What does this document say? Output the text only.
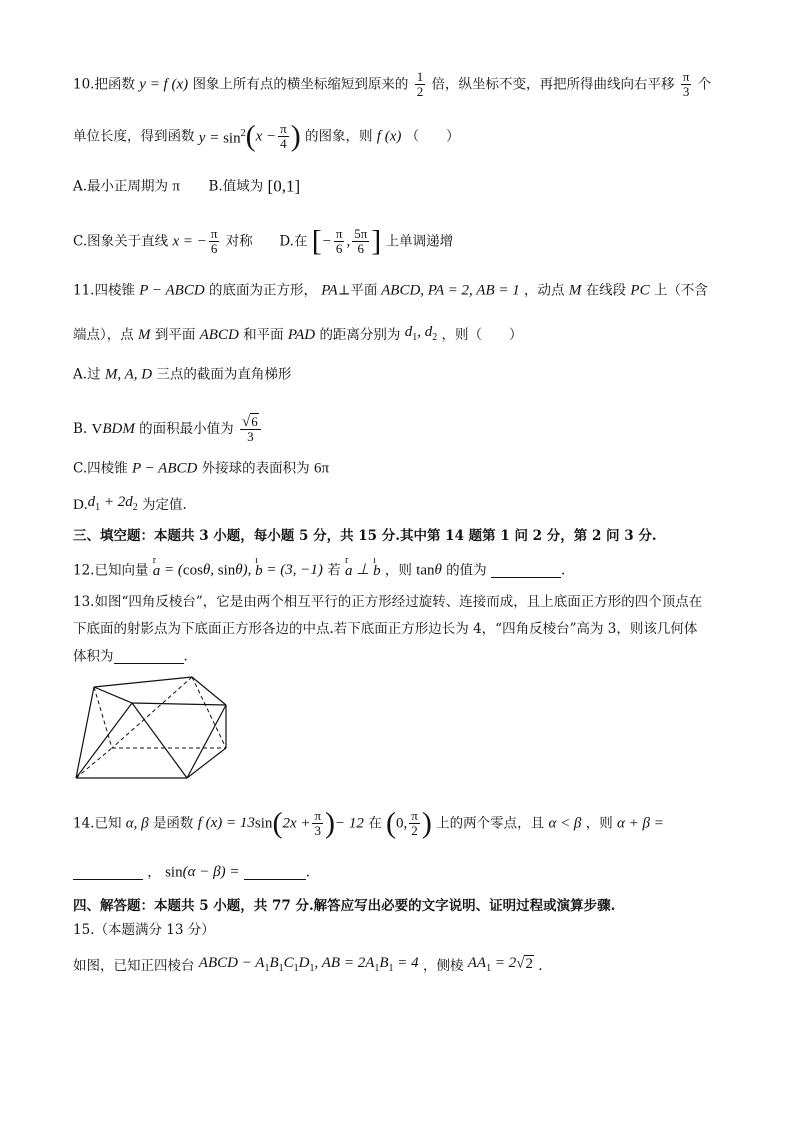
10.把函数 y = f (x) 图象上所有点的横坐标缩短到原来的 $\frac{1}{2}$ 倍，纵坐标不变，再把所得曲线向右平移 $\frac{\pi}{3}$ 个
单位长度，得到函数 $y = \sin^2(x - \frac{\pi}{4}$ ) 的图象，则 f (x) （　　）
A.最小正周期为 π B.值域为 [0,1]
C.图象关于直线 x = − $\frac{\pi}{6}$ 对称 D.在 [− $\frac{\pi}{6}$ , $\frac{5\pi}{6}$ ] 上单调递增
11.四棱锥 P − ABCD 的底面为正方形， PA⊥平面 ABCD, PA = 2, AB = 1 ，动点 M 在线段 PC 上（不含
端点），点 M 到平面 ABCD 和平面 PAD 的距离分别为 $d_1$, $d_2$ ，则（　　）
A.过 M, A, D 三点的截面为直角梯形
B. VBDM 的面积最小值为 $\frac{√6}{3}$
C.四棱锥 P − ABCD 外接球的表面积为 6π
$D.d_1 + 2d_2$ 为定值.
三、填空题：本题共 3 小题，每小题 5 分，共 15 分.其中第 14 题第 1 问 2 分，第 2 问 3 分.
12.已知向量 a
r
= (cosθ, sinθ), b
ı
= (3, −1) 若 a
r
⊥ b
ı
，则 tanθ 的值为	.
13.如图“四角反棱台”，它是由两个相互平行的正方形经过旋转、连接而成，且上底面正方形的四个顶点在
下底面的射影点为下底面正方形各边的中点.若下底面正方形边长为 4，“四角反棱台”高为 3，则该几何体
体积为	.
14.已知 α, β 是函数 f $(x) = 13\sin(2x + \frac{\pi}{3}$ )− 12 在 (0, $\frac{\pi}{2}$ ) 上的两个零点，且 α < β ，则 α + β =
， sin(α − β) =	.
四、解答题：本题共 5 小题，共 77 分.解答应写出必要的文字说明、证明过程或演算步骤.
15.（本题满分 13 分）
如图，已知正四棱台 ABCD − $A_1B_1C_1D_1$, AB = $2A_1B_1 = 4$ ，侧棱 $AA_1 = 2√2$ .
